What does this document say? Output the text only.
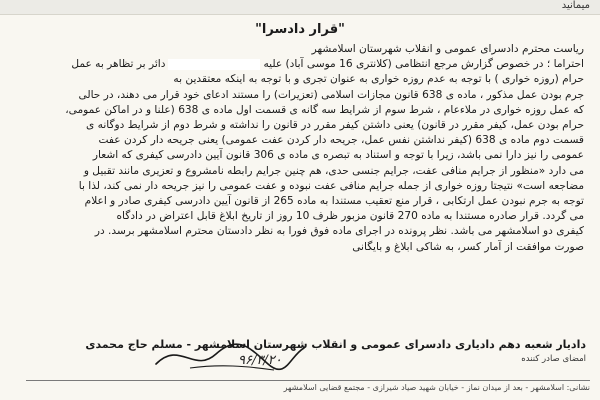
میمانید
"قرار دادسرا"
ریاست محترم دادسرای عمومی و انقلاب شهرستان اسلامشهر
احتراما ؛ در خصوص گزارش مرجع انتظامی (کلانتری 16 موسی آباد) علیهدائر بر تظاهر به عمل
حرام (روزه خواری ) با توجه به عدم روزه خواری به عنوان تجری و با توجه به اینکه معتقدین به
جرم بودن عمل مذکور ، ماده ی 638 قانون مجازات اسلامی (تعزیرات) را مستند ادعای خود قرار می دهند، در حالی
که عمل روزه خواری در ملاءعام ، شرط سوم از شرایط سه گانه ی قسمت اول ماده ی 638 (علنا و در اماکن عمومی،
حرام بودن عمل، کیفر مقرر در قانون) یعنی داشتن کیفر مقرر در قانون را نداشته و شرط دوم از شرایط دوگانه ی
قسمت دوم ماده ی 638 (کیفر نداشتن نفس عمل، جریحه دار کردن عفت عمومی) یعنی جریحه دار کردن عفت
عمومی را نیز دارا نمی باشد، زیرا با توجه و استناد به تبصره ی ماده ی 306 قانون آیین دادرسی کیفری که اشعار
می دارد «منظور از جرایم منافی عفت، جرایم جنسی حدی، هم چنین جرایم رابطه نامشروع و تعزیری مانند تقبیل و
مضاجعه است» نتیجتا روزه خواری از جمله جرایم منافی عفت نبوده و عفت عمومی را نیز جریحه دار نمی کند، لذا با
توجه به جرم نبودن عمل ارتکابی ، قرار منع تعقیب مستندا به ماده 265 از قانون آیین دادرسی کیفری صادر و اعلام
می گردد. قرار صادره مستندا به ماده 270 قانون مزبور ظرف 10 روز از تاریخ ابلاغ قابل اعتراض در دادگاه
کیفری دو اسلامشهر می باشد. نظر پرونده در اجرای ماده فوق فورا به نظر دادستان محترم اسلامشهر برسد. در
صورت موافقت از آمار کسر، به شاکی ابلاغ و بایگانی
دادیار شعبه دهم دادیاری دادسرای عمومی و انقلاب شهرستان اسلامشهر - مسلم حاج محمدی
امضای صادر کننده
۹۶/۳/۲۰
نشانی: اسلامشهر - بعد از میدان نماز - خیابان شهید صیاد شیرازی - مجتمع قضایی اسلامشهر
